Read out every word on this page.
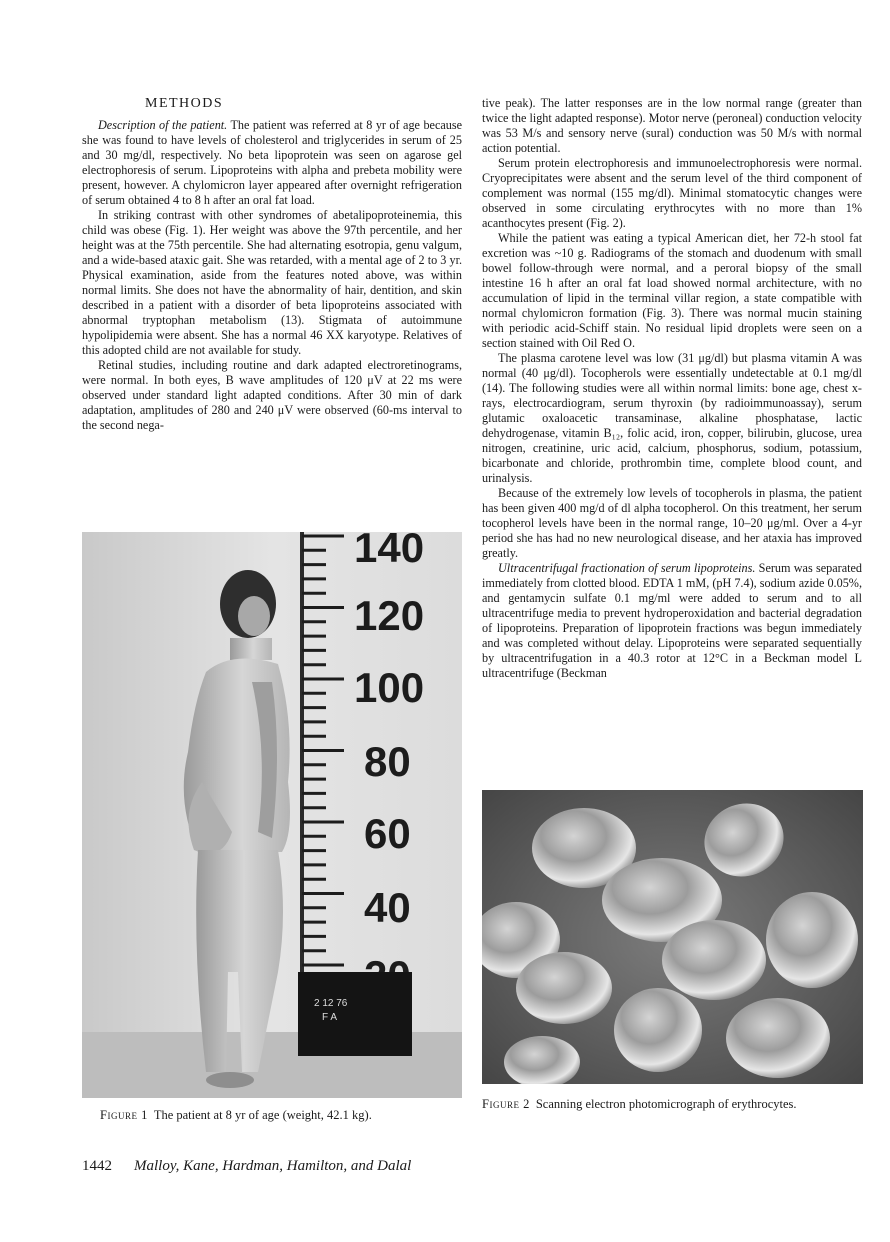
METHODS

Description of the patient. The patient was referred at 8 yr of age because she was found to have levels of cholesterol and triglycerides in serum of 25 and 30 mg/dl, respectively. No beta lipoprotein was seen on agarose gel electrophoresis of serum. Lipoproteins with alpha and prebeta mobility were present, however. A chylomicron layer appeared after overnight refrigeration of serum obtained 4 to 8 h after an oral fat load.

In striking contrast with other syndromes of abetalipoproteinemia, this child was obese (Fig. 1). Her weight was above the 97th percentile, and her height was at the 75th percentile. She had alternating esotropia, genu valgum, and a wide-based ataxic gait. She was retarded, with a mental age of 2 to 3 yr. Physical examination, aside from the features noted above, was within normal limits. She does not have the abnormality of hair, dentition, and skin described in a patient with a disorder of beta lipoproteins associated with abnormal tryptophan metabolism (13). Stigmata of autoimmune hypolipidemia were absent. She has a normal 46 XX karyotype. Relatives of this adopted child are not available for study.

Retinal studies, including routine and dark adapted electroretinograms, were normal. In both eyes, B wave amplitudes of 120 μV at 22 ms were observed under standard light adapted conditions. After 30 min of dark adaptation, amplitudes of 280 and 240 μV were observed (60-ms interval to the second nega-

tive peak). The latter responses are in the low normal range (greater than twice the light adapted response). Motor nerve (peroneal) conduction velocity was 53 M/s and sensory nerve (sural) conduction was 50 M/s with normal action potential.

Serum protein electrophoresis and immunoelectrophoresis were normal. Cryoprecipitates were absent and the serum level of the third component of complement was normal (155 mg/dl). Minimal stomatocytic changes were observed in some circulating erythrocytes with no more than 1% acanthocytes present (Fig. 2).

While the patient was eating a typical American diet, her 72-h stool fat excretion was ~10 g. Radiograms of the stomach and duodenum with small bowel follow-through were normal, and a peroral biopsy of the small intestine 16 h after an oral fat load showed normal architecture, with no accumulation of lipid in the terminal villar region, a state compatible with normal chylomicron formation (Fig. 3). There was normal mucin staining with periodic acid-Schiff stain. No residual lipid droplets were seen on a section stained with Oil Red O.

The plasma carotene level was low (31 μg/dl) but plasma vitamin A was normal (40 μg/dl). Tocopherols were essentially undetectable at 0.1 mg/dl (14). The following studies were all within normal limits: bone age, chest x-rays, electrocardiogram, serum thyroxin (by radioimmunoassay), serum glutamic oxaloacetic transaminase, alkaline phosphatase, lactic dehydrogenase, vitamin B₁₂, folic acid, iron, copper, bilirubin, glucose, urea nitrogen, creatinine, uric acid, calcium, phosphorus, sodium, potassium, bicarbonate and chloride, prothrombin time, complete blood count, and urinalysis.

Because of the extremely low levels of tocopherols in plasma, the patient has been given 400 mg/d of dl alpha tocopherol. On this treatment, her serum tocopherol levels have been in the normal range, 10–20 μg/ml. Over a 4-yr period she has had no new neurological disease, and her ataxia has improved greatly.

Ultracentrifugal fractionation of serum lipoproteins. Serum was separated immediately from clotted blood. EDTA 1 mM, (pH 7.4), sodium azide 0.05%, and gentamycin sulfate 0.1 mg/ml were added to serum and to all ultracentrifuge media to prevent hydroperoxidation and bacterial degradation of lipoproteins. Preparation of lipoprotein fractions was begun immediately and was completed without delay. Lipoproteins were separated sequentially by ultracentrifugation in a 40.3 rotor at 12°C in a Beckman model L ultracentrifuge (Beckman

140
120
100
80
60
40
2 12 76
F A
Figure 1 The patient at 8 yr of age (weight, 42.1 kg).
Figure 2 Scanning electron photomicrograph of erythrocytes.
1442 Malloy, Kane, Hardman, Hamilton, and Dalal
